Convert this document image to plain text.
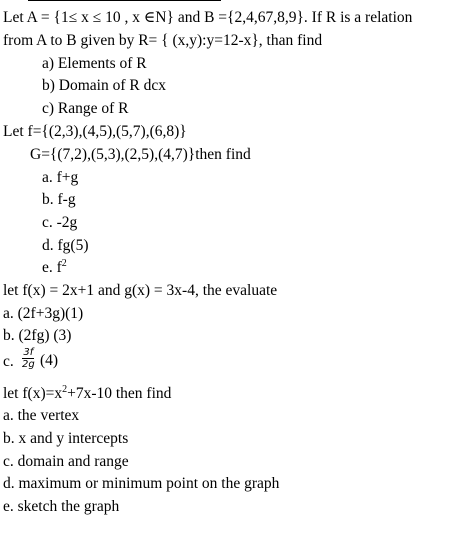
Let A = {1≤ x ≤ 10 , x ∈N} and B ={2,4,67,8,9}. If R is a relation
from A to B given by R= { (x,y):y=12-x}, than find
a) Elements of R
b) Domain of R dcx
c) Range of R
Let f={(2,3),(4,5),(5,7),(6,8)}
G={(7,2),(5,3),(2,5),(4,7)}then find
a. f+g
b. f-g
c. -2g
d. fg(5)
e. $f^2$
let f(x) = 2x+1 and g(x) = 3x-4, the evaluate
a. (2f+3g)(1)
b. (2fg) (3)
c. $\frac{3f}{2g} (4)$
let $f(x)=x^2+7x-10$ then find
a. the vertex
b. x and y intercepts
c. domain and range
d. maximum or minimum point on the graph
e. sketch the graph
